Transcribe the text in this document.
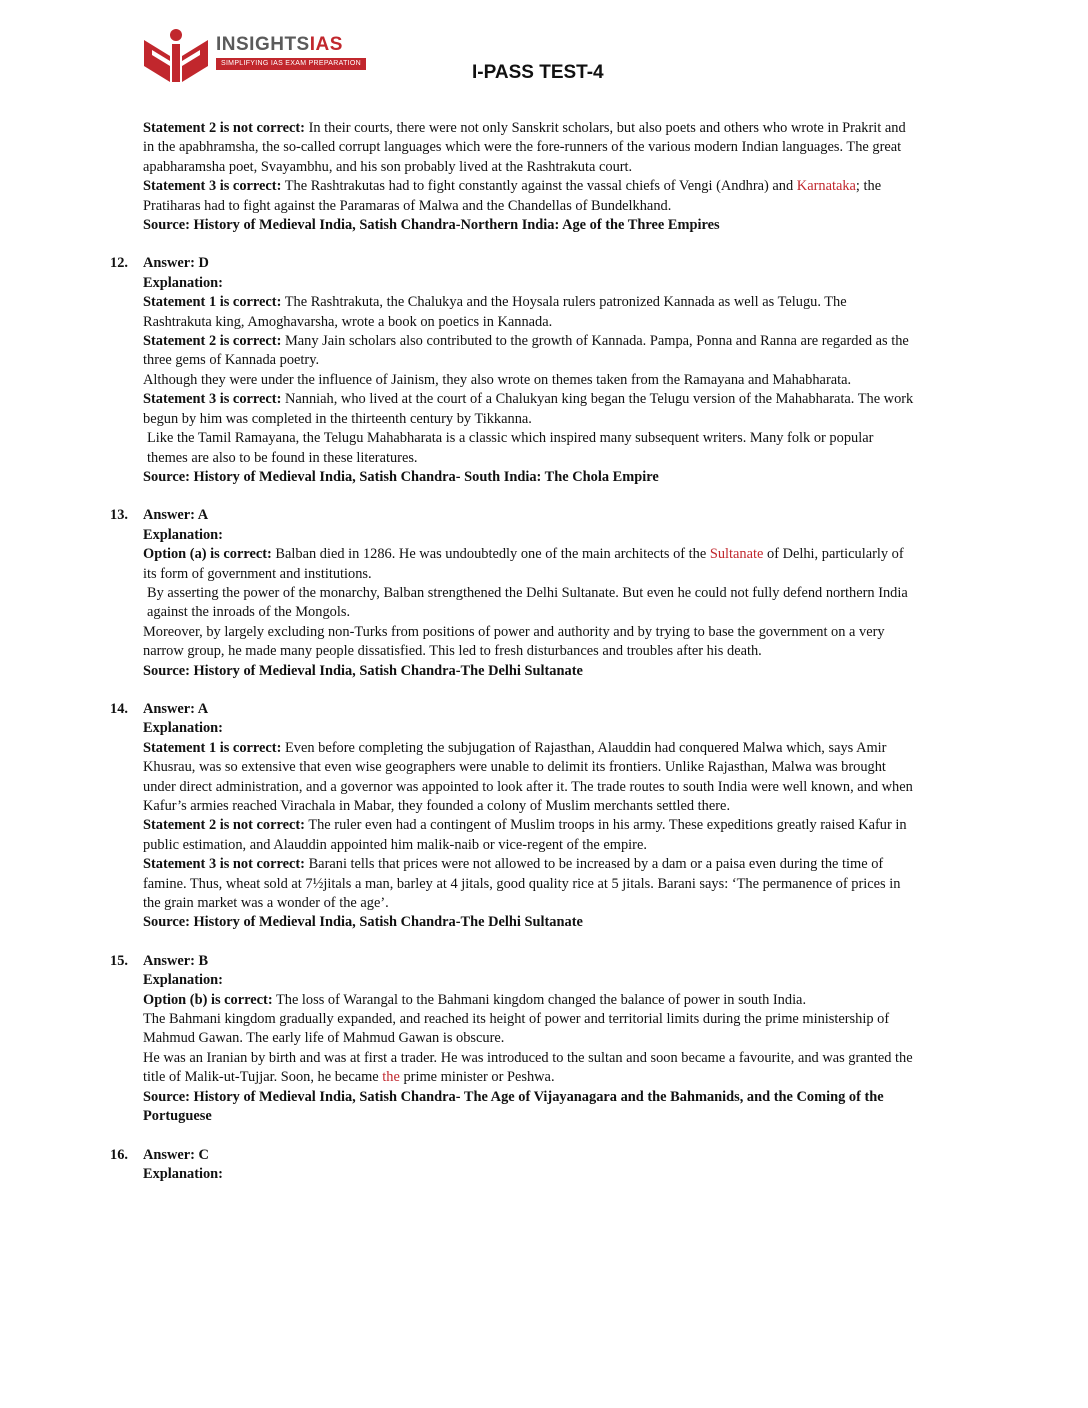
INSIGHTSIAS
SIMPLIFYING IAS EXAM PREPARATION	I-PASS TEST-4

Statement 2 is not correct: In their courts, there were not only Sanskrit scholars, but also poets and others who wrote in Prakrit and in the apabhramsha, the so-called corrupt languages which were the fore-runners of the various modern Indian languages. The great apabharamsha poet, Svayambhu, and his son probably lived at the Rashtrakuta court.

Statement 3 is correct: The Rashtrakutas had to fight constantly against the vassal chiefs of Vengi (Andhra) and Karnataka; the Pratiharas had to fight against the Paramaras of Malwa and the Chandellas of Bundelkhand.

Source: History of Medieval India, Satish Chandra-Northern India: Age of the Three Empires

12. Answer: D

Explanation:

Statement 1 is correct: The Rashtrakuta, the Chalukya and the Hoysala rulers patronized Kannada as well as Telugu. The Rashtrakuta king, Amoghavarsha, wrote a book on poetics in Kannada.

Statement 2 is correct: Many Jain scholars also contributed to the growth of Kannada. Pampa, Ponna and Ranna are regarded as the three gems of Kannada poetry.

Although they were under the influence of Jainism, they also wrote on themes taken from the Ramayana and Mahabharata.

Statement 3 is correct: Nanniah, who lived at the court of a Chalukyan king began the Telugu version of the Mahabharata. The work begun by him was completed in the thirteenth century by Tikkanna.

Like the Tamil Ramayana, the Telugu Mahabharata is a classic which inspired many subsequent writers. Many folk or popular themes are also to be found in these literatures.

Source: History of Medieval India, Satish Chandra- South India: The Chola Empire

13. Answer: A

Explanation:

Option (a) is correct: Balban died in 1286. He was undoubtedly one of the main architects of the Sultanate of Delhi, particularly of its form of government and institutions.

By asserting the power of the monarchy, Balban strengthened the Delhi Sultanate. But even he could not fully defend northern India against the inroads of the Mongols.

Moreover, by largely excluding non-Turks from positions of power and authority and by trying to base the government on a very narrow group, he made many people dissatisfied. This led to fresh disturbances and troubles after his death.

Source: History of Medieval India, Satish Chandra-The Delhi Sultanate

14. Answer: A

Explanation:

Statement 1 is correct: Even before completing the subjugation of Rajasthan, Alauddin had conquered Malwa which, says Amir Khusrau, was so extensive that even wise geographers were unable to delimit its frontiers. Unlike Rajasthan, Malwa was brought under direct administration, and a governor was appointed to look after it. The trade routes to south India were well known, and when Kafur’s armies reached Virachala in Mabar, they founded a colony of Muslim merchants settled there.

Statement 2 is not correct: The ruler even had a contingent of Muslim troops in his army. These expeditions greatly raised Kafur in public estimation, and Alauddin appointed him malik-naib or vice-regent of the empire.

Statement 3 is not correct: Barani tells that prices were not allowed to be increased by a dam or a paisa even during the time of famine. Thus, wheat sold at 7½jitals a man, barley at 4 jitals, good quality rice at 5 jitals. Barani says: ‘The permanence of prices in the grain market was a wonder of the age’.

Source: History of Medieval India, Satish Chandra-The Delhi Sultanate

15. Answer: B

Explanation:

Option (b) is correct: The loss of Warangal to the Bahmani kingdom changed the balance of power in south India.

The Bahmani kingdom gradually expanded, and reached its height of power and territorial limits during the prime ministership of Mahmud Gawan. The early life of Mahmud Gawan is obscure.

He was an Iranian by birth and was at first a trader. He was introduced to the sultan and soon became a favourite, and was granted the title of Malik-ut-Tujjar. Soon, he became the prime minister or Peshwa.

Source: History of Medieval India, Satish Chandra- The Age of Vijayanagara and the Bahmanids, and the Coming of the Portuguese

16. Answer: C

Explanation:
